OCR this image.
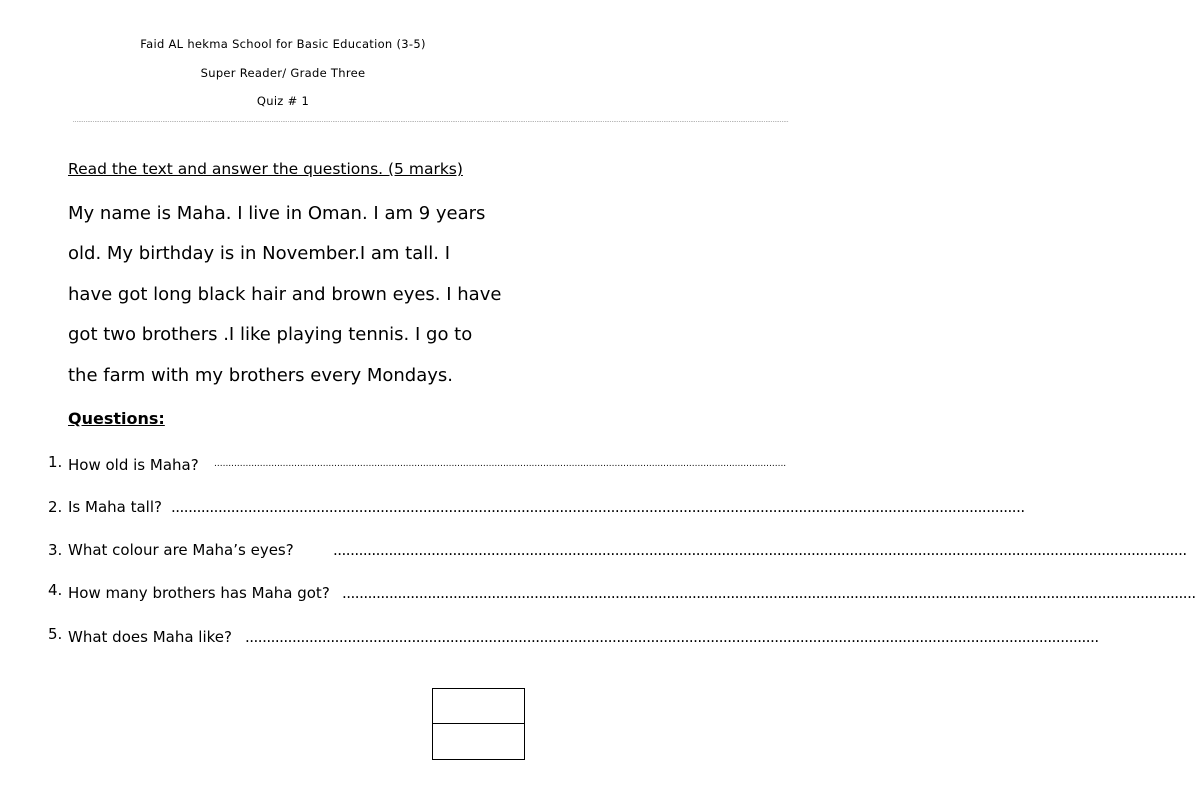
Faid AL hekma School for Basic Education (3-5)
Super Reader/ Grade Three
Quiz # 1
................................................................................................................................................................................................................................................................................................................................................................................................................
Read the text and answer the questions. (5 marks)
My name is Maha. I live in Oman. I am 9 years
old. My birthday is in November.I am tall. I
have got long black hair and brown eyes. I have
got two brothers .I like playing tennis. I go to
the farm with my brothers every Mondays.
Questions:
1. How old is Maha? ........................................................................................................................................................................................................
2. Is Maha tall? ........................................................................................................................................................................................................
3. What colour are Maha’s eyes?	........................................................................................................................................................................................................
4. How many brothers has Maha got? ........................................................................................................................................................................................................
5. What does Maha like? ........................................................................................................................................................................................................
